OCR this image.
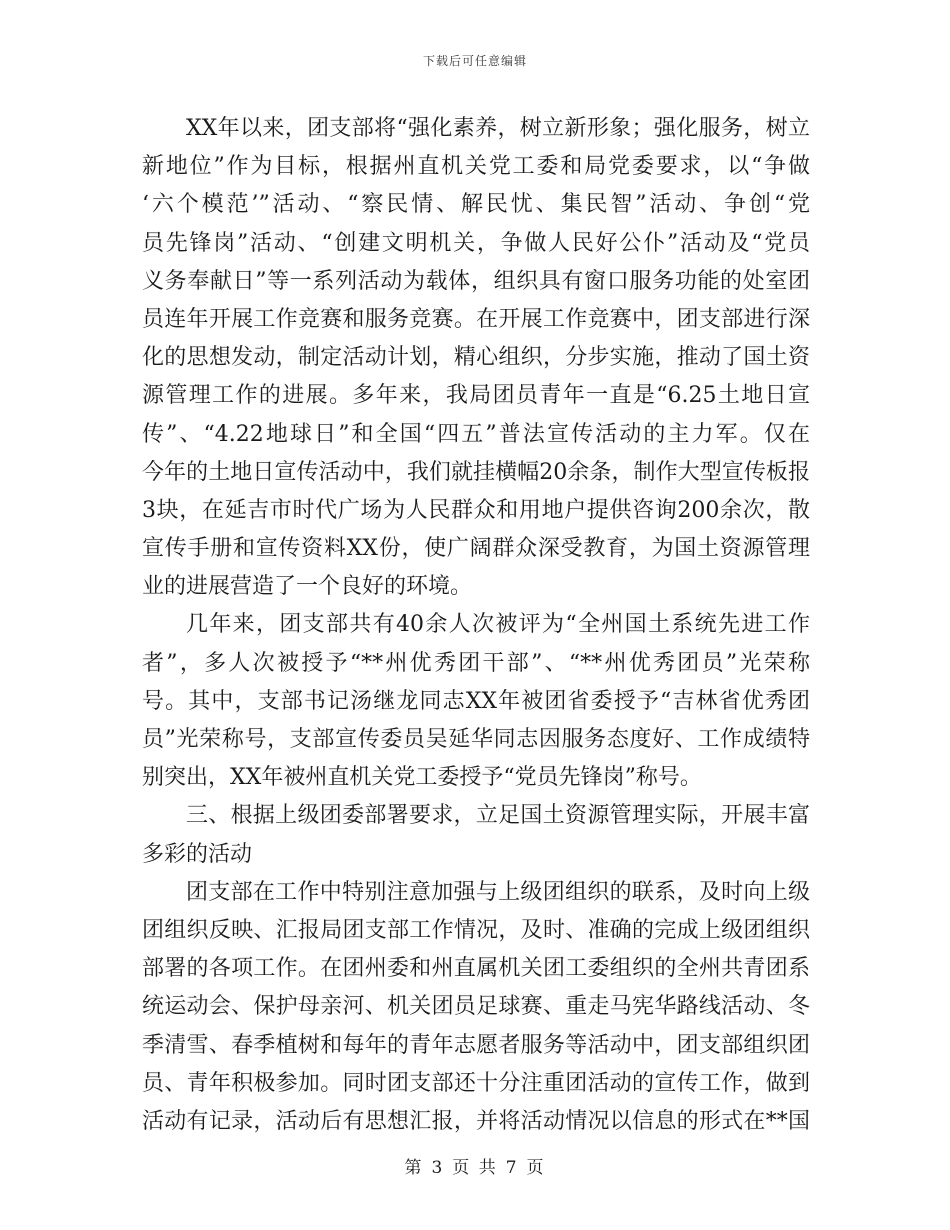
下载后可任意编辑
XX年以来，团支部将“强化素养，树立新形象；强化服务，树立
新地位”作为目标，根据州直机关党工委和局党委要求，以“争做
‘六个模范’”活动、“察民情、解民忧、集民智”活动、争创“党
员先锋岗”活动、“创建文明机关，争做人民好公仆”活动及“党员
义务奉献日”等一系列活动为载体，组织具有窗口服务功能的处室团
员连年开展工作竞赛和服务竞赛。在开展工作竞赛中，团支部进行深
化的思想发动，制定活动计划，精心组织，分步实施，推动了国土资
源管理工作的进展。多年来，我局团员青年一直是“6.25土地日宣
传”、“4.22地球日”和全国“四五”普法宣传活动的主力军。仅在
今年的土地日宣传活动中，我们就挂横幅20余条，制作大型宣传板报
3块，在延吉市时代广场为人民群众和用地户提供咨询200余次，散
宣传手册和宣传资料XX份，使广阔群众深受教育，为国土资源管理
业的进展营造了一个良好的环境。
几年来，团支部共有40余人次被评为“全州国土系统先进工作
者”，多人次被授予“**州优秀团干部”、“**州优秀团员”光荣称
号。其中，支部书记汤继龙同志XX年被团省委授予“吉林省优秀团
员”光荣称号，支部宣传委员吴延华同志因服务态度好、工作成绩特
别突出，XX年被州直机关党工委授予“党员先锋岗”称号。
三、根据上级团委部署要求，立足国土资源管理实际，开展丰富
多彩的活动
团支部在工作中特别注意加强与上级团组织的联系，及时向上级
团组织反映、汇报局团支部工作情况，及时、准确的完成上级团组织
部署的各项工作。在团州委和州直属机关团工委组织的全州共青团系
统运动会、保护母亲河、机关团员足球赛、重走马宪华路线活动、冬
季清雪、春季植树和每年的青年志愿者服务等活动中，团支部组织团
员、青年积极参加。同时团支部还十分注重团活动的宣传工作，做到
活动有记录，活动后有思想汇报，并将活动情况以信息的形式在**国
第 3 页 共 7 页
